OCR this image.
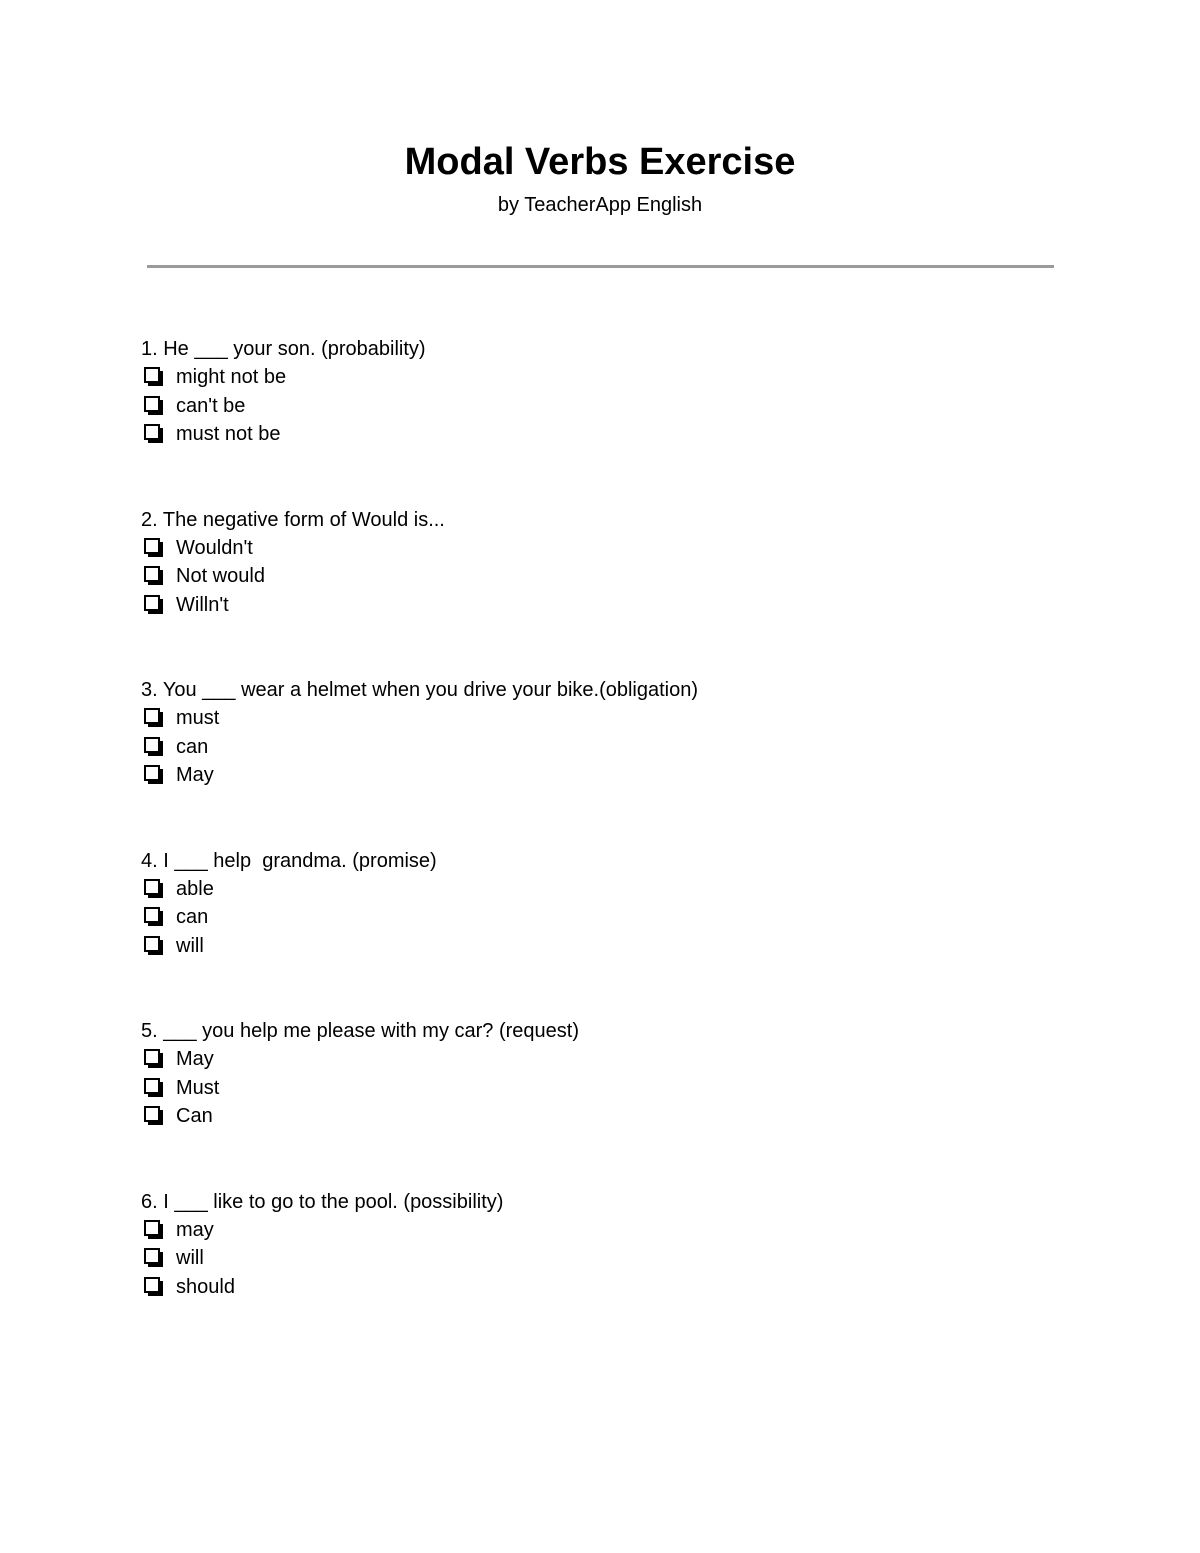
Modal Verbs Exercise
by TeacherApp English
1. He ___ your son. (probability)
might not be
can't be
must not be
2. The negative form of Would is...
Wouldn't
Not would
Willn't
3. You ___ wear a helmet when you drive your bike.(obligation)
must
can
May
4. I ___ help  grandma. (promise)
able
can
will
5. ___ you help me please with my car? (request)
May
Must
Can
6. I ___ like to go to the pool. (possibility)
may
will
should
